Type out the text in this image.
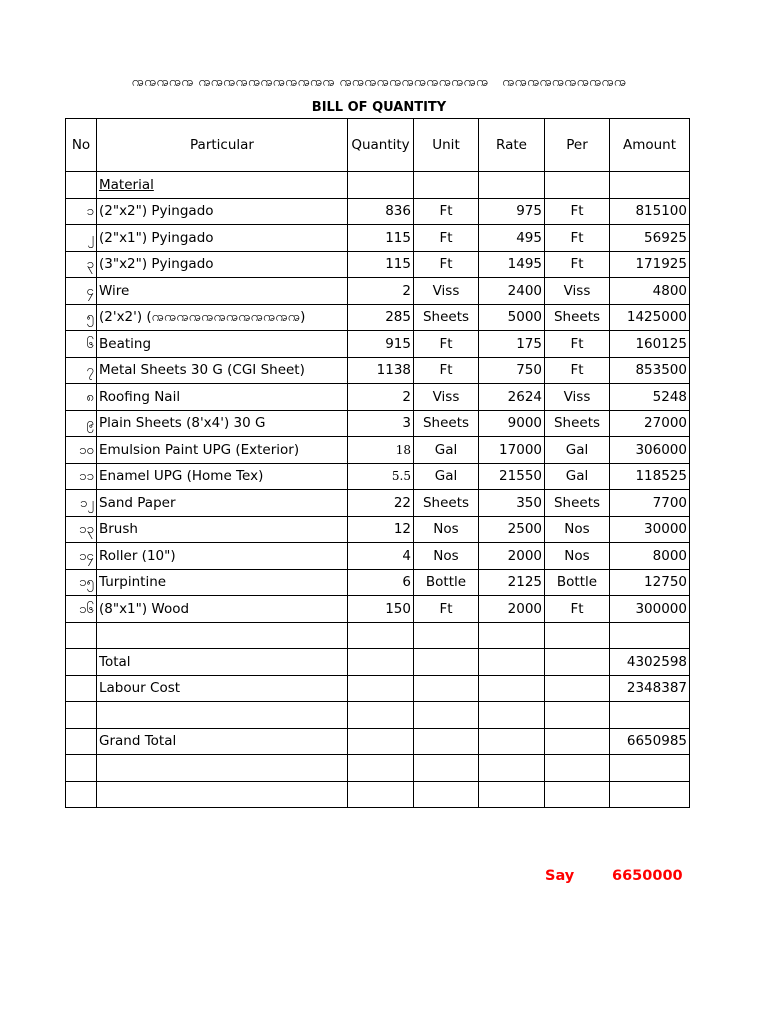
ꩠꩠꩠꩠꩠ ꩠꩠꩠꩠꩠꩠꩠꩠꩠꩠꩠ ꩠꩠꩠꩠꩠꩠꩠꩠꩠꩠꩠꩠ   ꩠꩠꩠꩠꩠꩠꩠꩠꩠꩠ
BILL OF QUANTITY
No	Particular	Quantity	Unit	Rate	Per	Amount
	Material					
၁	(2"x2") Pyingado	836	Ft	975	Ft	815100
၂	(2"x1") Pyingado	115	Ft	495	Ft	56925
၃	(3"x2") Pyingado	115	Ft	1495	Ft	171925
၄	Wire	2	Viss	2400	Viss	4800
၅	(2'x2') (ꩠꩠꩠꩠꩠꩠꩠꩠꩠꩠꩠꩠ)	285	Sheets	5000	Sheets	1425000
၆	Beating	915	Ft	175	Ft	160125
၇	Metal Sheets 30 G (CGI Sheet)	1138	Ft	750	Ft	853500
၈	Roofing Nail	2	Viss	2624	Viss	5248
၉	Plain Sheets (8'x4') 30 G	3	Sheets	9000	Sheets	27000
၁၀	Emulsion Paint UPG (Exterior)	18	Gal	17000	Gal	306000
၁၁	Enamel UPG (Home Tex)	5.5	Gal	21550	Gal	118525
၁၂	Sand Paper	22	Sheets	350	Sheets	7700
၁၃	Brush	12	Nos	2500	Nos	30000
၁၄	Roller (10")	4	Nos	2000	Nos	8000
၁၅	Turpintine	6	Bottle	2125	Bottle	12750
၁၆	(8"x1") Wood	150	Ft	2000	Ft	300000

	Total					4302598
	Labour Cost					2348387

	Grand Total					6650985

Say	6650000
